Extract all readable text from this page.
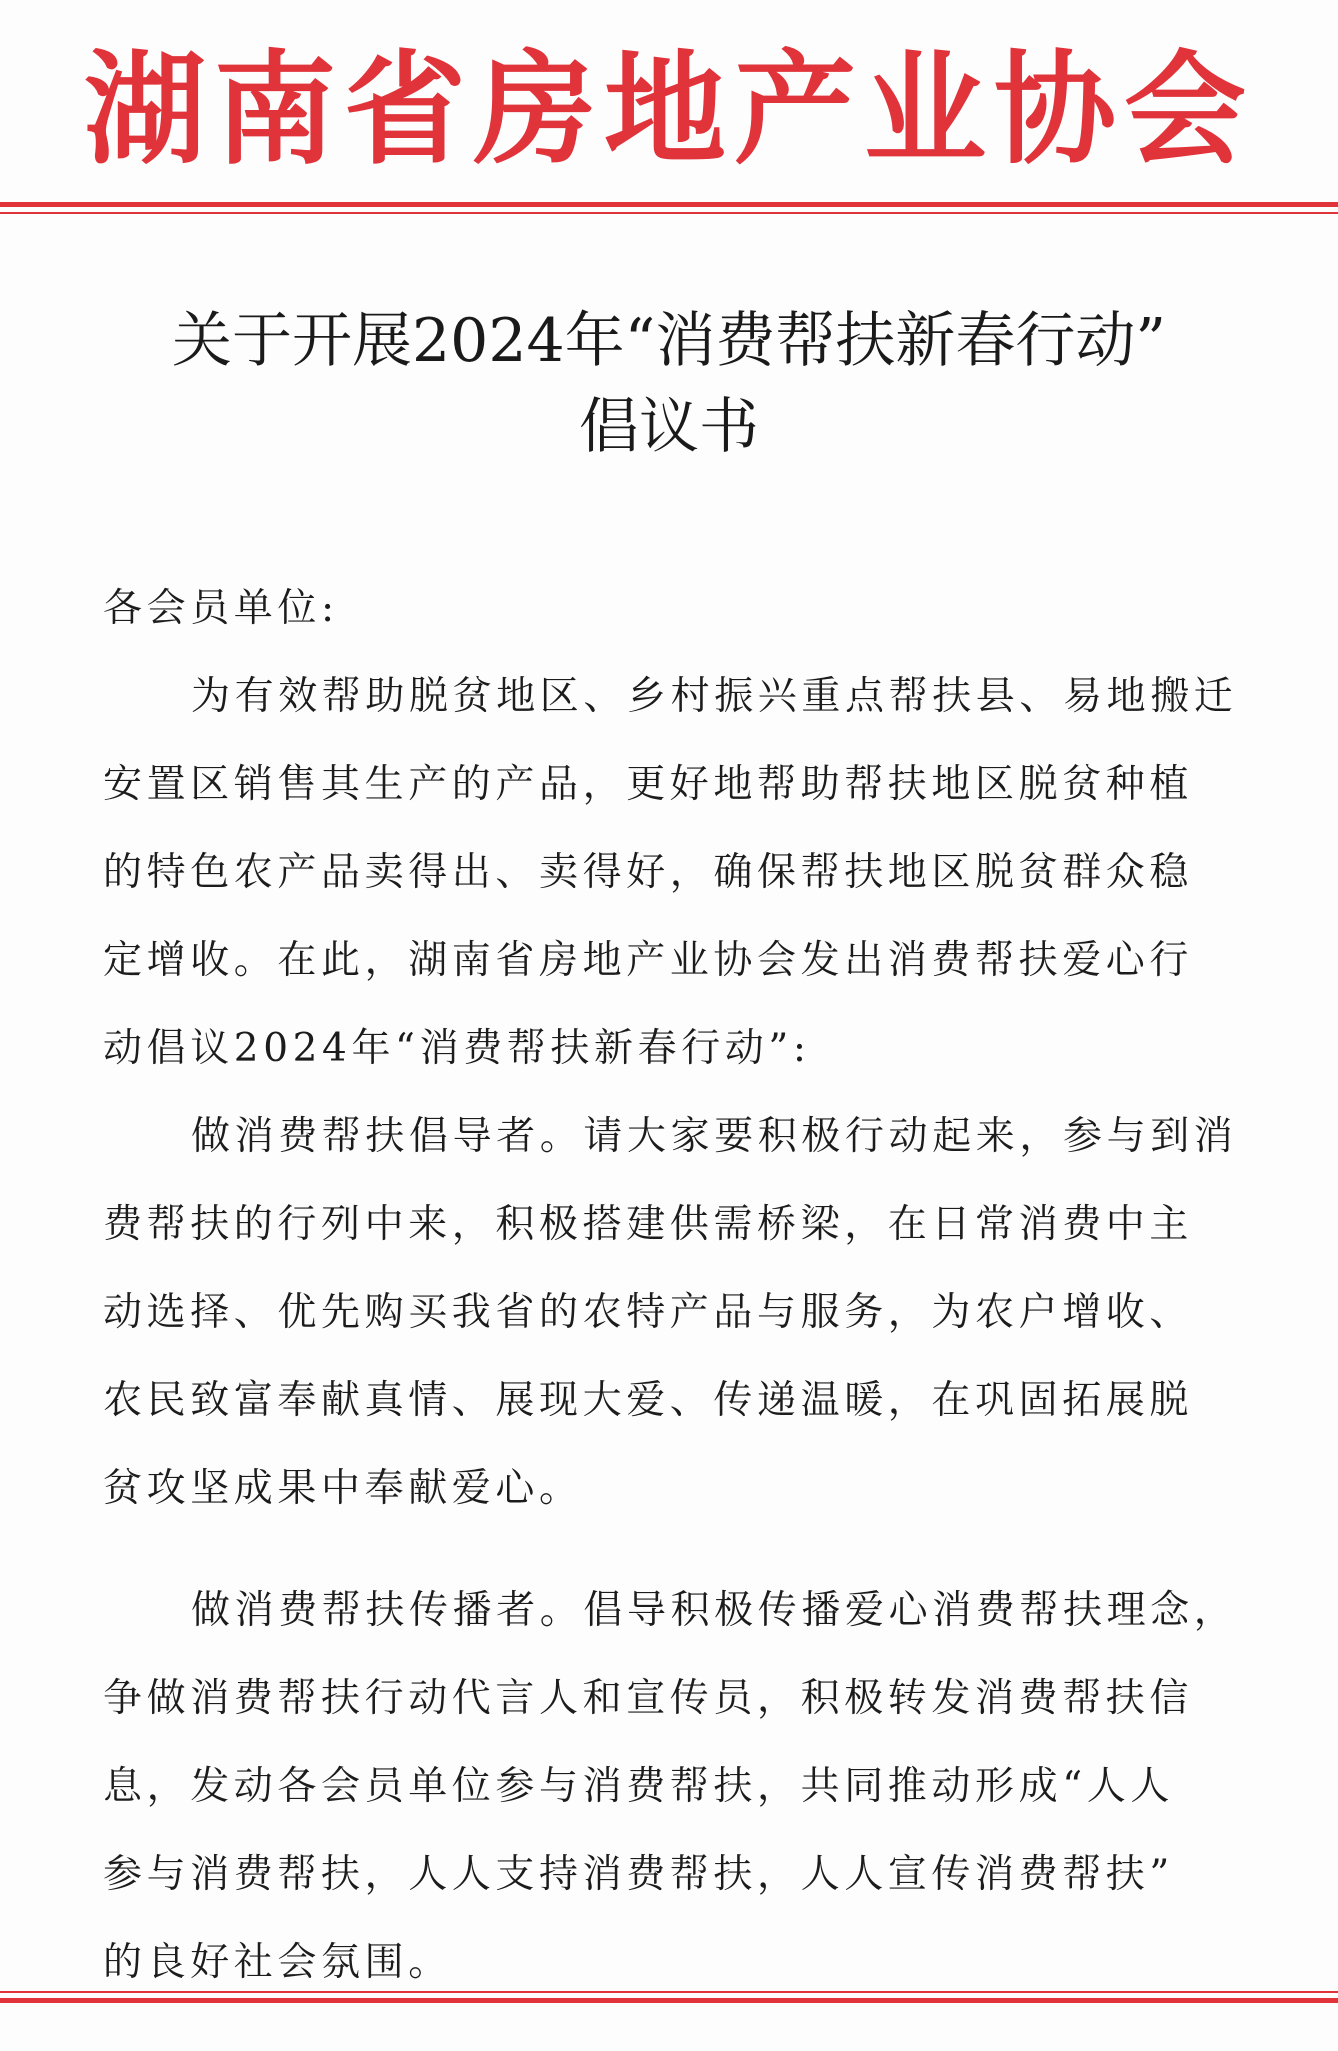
湖南省房地产业协会
关于开展2024年“消费帮扶新春行动”
倡议书
各会员单位:
为有效帮助脱贫地区、乡村振兴重点帮扶县、易地搬迁
安置区销售其生产的产品，更好地帮助帮扶地区脱贫种植
的特色农产品卖得出、卖得好，确保帮扶地区脱贫群众稳
定增收。在此，湖南省房地产业协会发出消费帮扶爱心行
动倡议2024年“消费帮扶新春行动”:
做消费帮扶倡导者。请大家要积极行动起来，参与到消
费帮扶的行列中来，积极搭建供需桥梁，在日常消费中主
动选择、优先购买我省的农特产品与服务，为农户增收、
农民致富奉献真情、展现大爱、传递温暖，在巩固拓展脱
贫攻坚成果中奉献爱心。
做消费帮扶传播者。倡导积极传播爱心消费帮扶理念，
争做消费帮扶行动代言人和宣传员，积极转发消费帮扶信
息，发动各会员单位参与消费帮扶，共同推动形成“人人
参与消费帮扶，人人支持消费帮扶，人人宣传消费帮扶”
的良好社会氛围。
